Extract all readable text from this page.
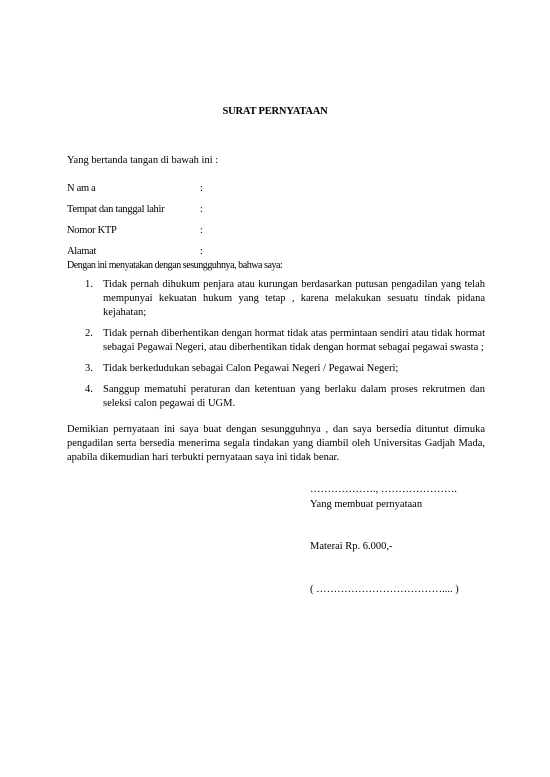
SURAT PERNYATAAN
Yang bertanda tangan di bawah ini :
N am a	:
Tempat dan tanggal lahir	:
Nomor KTP	:
Alamat	:
Dengan ini menyatakan dengan sesungguhnya, bahwa saya:
1. Tidak pernah dihukum penjara atau kurungan berdasarkan putusan pengadilan yang telah mempunyai kekuatan hukum yang tetap , karena melakukan sesuatu tindak pidana kejahatan;
2. Tidak pernah diberhentikan dengan hormat tidak atas permintaan sendiri atau tidak hormat sebagai Pegawai Negeri, atau diberhentikan tidak dengan hormat sebagai pegawai swasta ;
3. Tidak berkedudukan sebagai Calon Pegawai Negeri / Pegawai Negeri;
4. Sanggup mematuhi peraturan dan ketentuan yang berlaku dalam proses rekrutmen dan seleksi calon pegawai di UGM.
Demikian pernyataan ini saya buat dengan sesungguhnya , dan saya bersedia dituntut dimuka pengadilan serta bersedia menerima segala tindakan yang diambil oleh Universitas Gadjah Mada, apabila dikemudian hari terbukti pernyataan saya ini tidak benar.
………………., ………………….
Yang membuat pernyataan
Materai Rp. 6.000,-
( ……………………………….... )
